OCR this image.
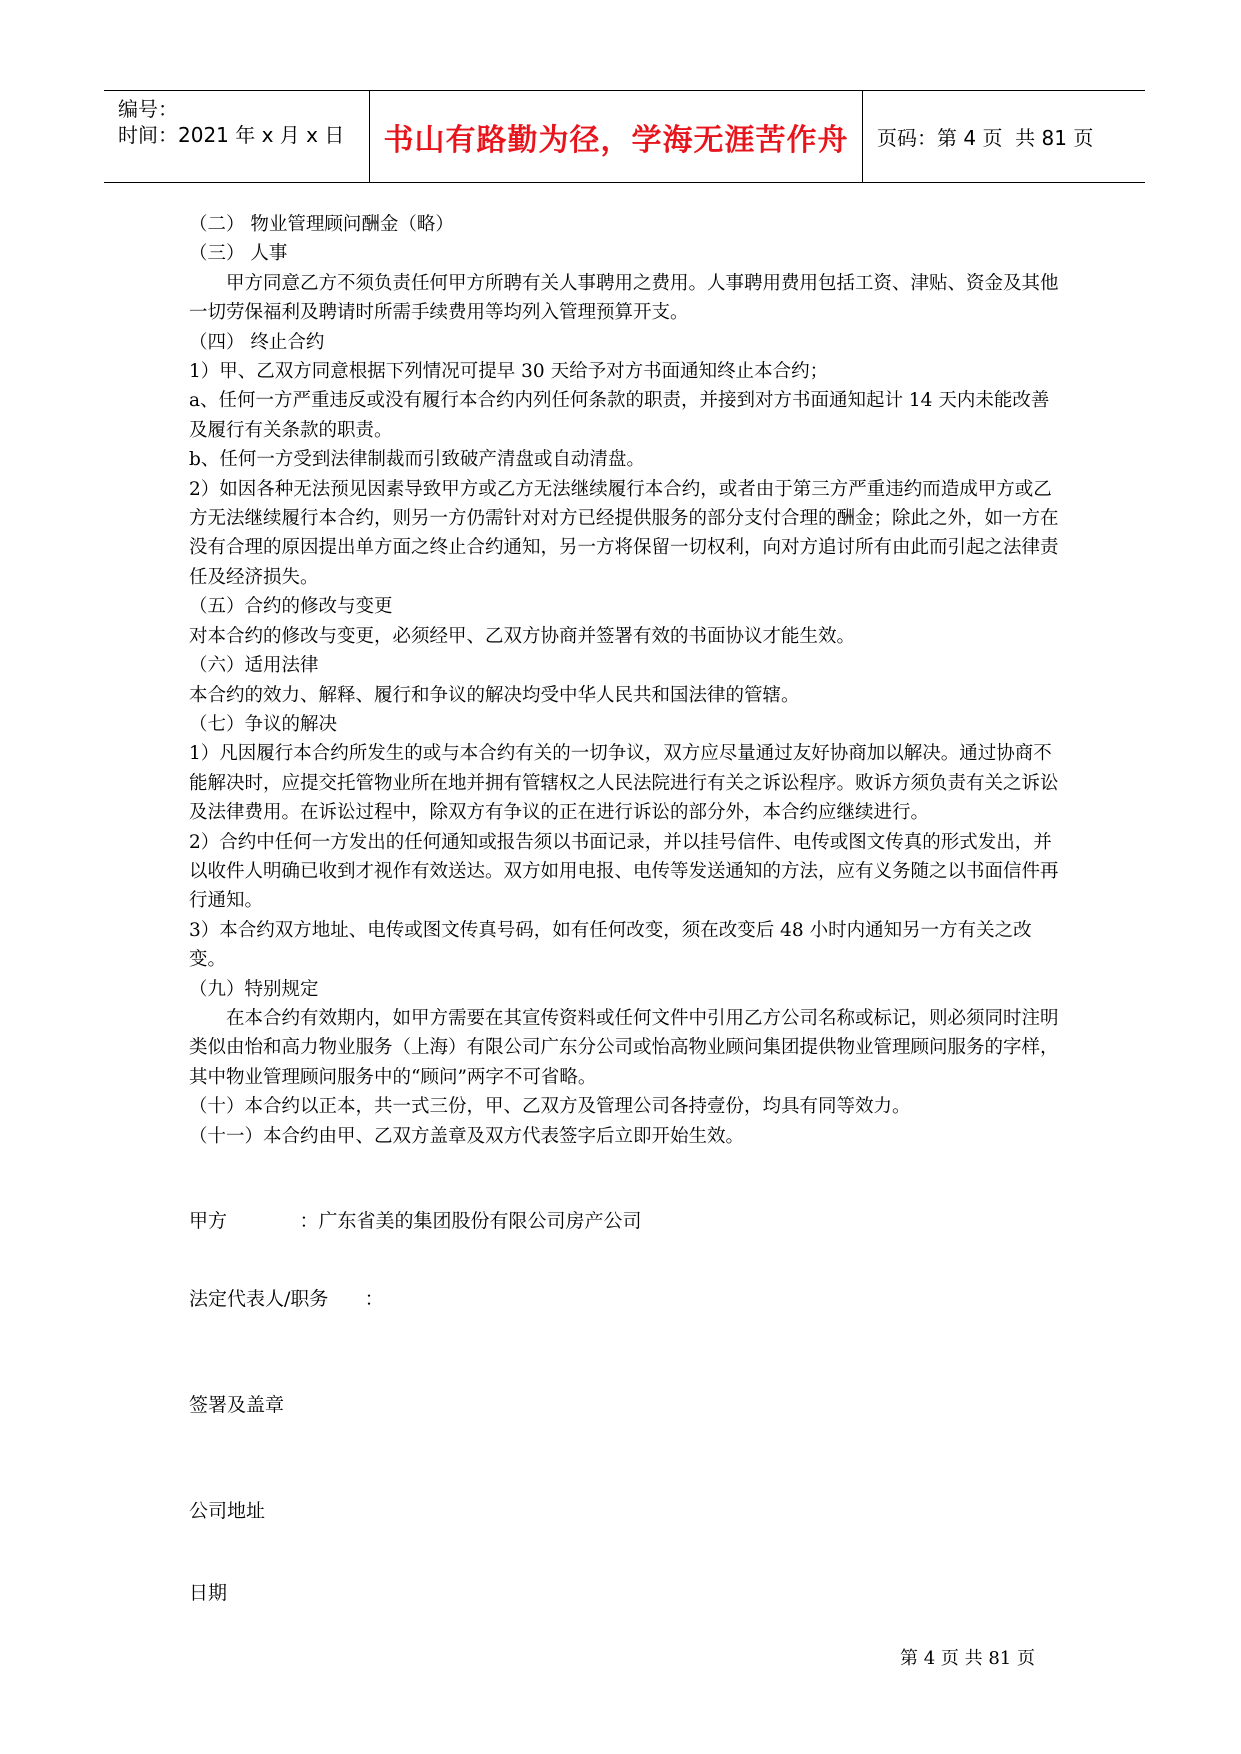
编号：
时间：2021 年 x 月 x 日	书山有路勤为径，学海无涯苦作舟	页码：第 4 页  共 81 页

（二） 物业管理顾问酬金（略）

（三） 人事

甲方同意乙方不须负责任何甲方所聘有关人事聘用之费用。人事聘用费用包括工资、津贴、资金及其他一切劳保福利及聘请时所需手续费用等均列入管理预算开支。

（四） 终止合约

1）甲、乙双方同意根据下列情况可提早 30 天给予对方书面通知终止本合约；

a、任何一方严重违反或没有履行本合约内列任何条款的职责，并接到对方书面通知起计 14 天内未能改善及履行有关条款的职责。

b、任何一方受到法律制裁而引致破产清盘或自动清盘。

2）如因各种无法预见因素导致甲方或乙方无法继续履行本合约，或者由于第三方严重违约而造成甲方或乙方无法继续履行本合约，则另一方仍需针对对方已经提供服务的部分支付合理的酬金；除此之外，如一方在没有合理的原因提出单方面之终止合约通知，另一方将保留一切权利，向对方追讨所有由此而引起之法律责任及经济损失。

（五）合约的修改与变更

对本合约的修改与变更，必须经甲、乙双方协商并签署有效的书面协议才能生效。

（六）适用法律

本合约的效力、解释、履行和争议的解决均受中华人民共和国法律的管辖。

（七）争议的解决

1）凡因履行本合约所发生的或与本合约有关的一切争议，双方应尽量通过友好协商加以解决。通过协商不能解决时，应提交托管物业所在地并拥有管辖权之人民法院进行有关之诉讼程序。败诉方须负责有关之诉讼及法律费用。在诉讼过程中，除双方有争议的正在进行诉讼的部分外，本合约应继续进行。

2）合约中任何一方发出的任何通知或报告须以书面记录，并以挂号信件、电传或图文传真的形式发出，并以收件人明确已收到才视作有效送达。双方如用电报、电传等发送通知的方法，应有义务随之以书面信件再行通知。

3）本合约双方地址、电传或图文传真号码，如有任何改变，须在改变后 48 小时内通知另一方有关之改变。

（九）特别规定

在本合约有效期内，如甲方需要在其宣传资料或任何文件中引用乙方公司名称或标记，则必须同时注明类似由怡和高力物业服务（上海）有限公司广东分公司或怡高物业顾问集团提供物业管理顾问服务的字样，其中物业管理顾问服务中的“顾问”两字不可省略。

（十）本合约以正本，共一式三份，甲、乙双方及管理公司各持壹份，均具有同等效力。

（十一）本合约由甲、乙双方盖章及双方代表签字后立即开始生效。

甲方            ：广东省美的集团股份有限公司房产公司
法定代表人/职务      ：
签署及盖章
公司地址
日期
第 4 页 共 81 页
